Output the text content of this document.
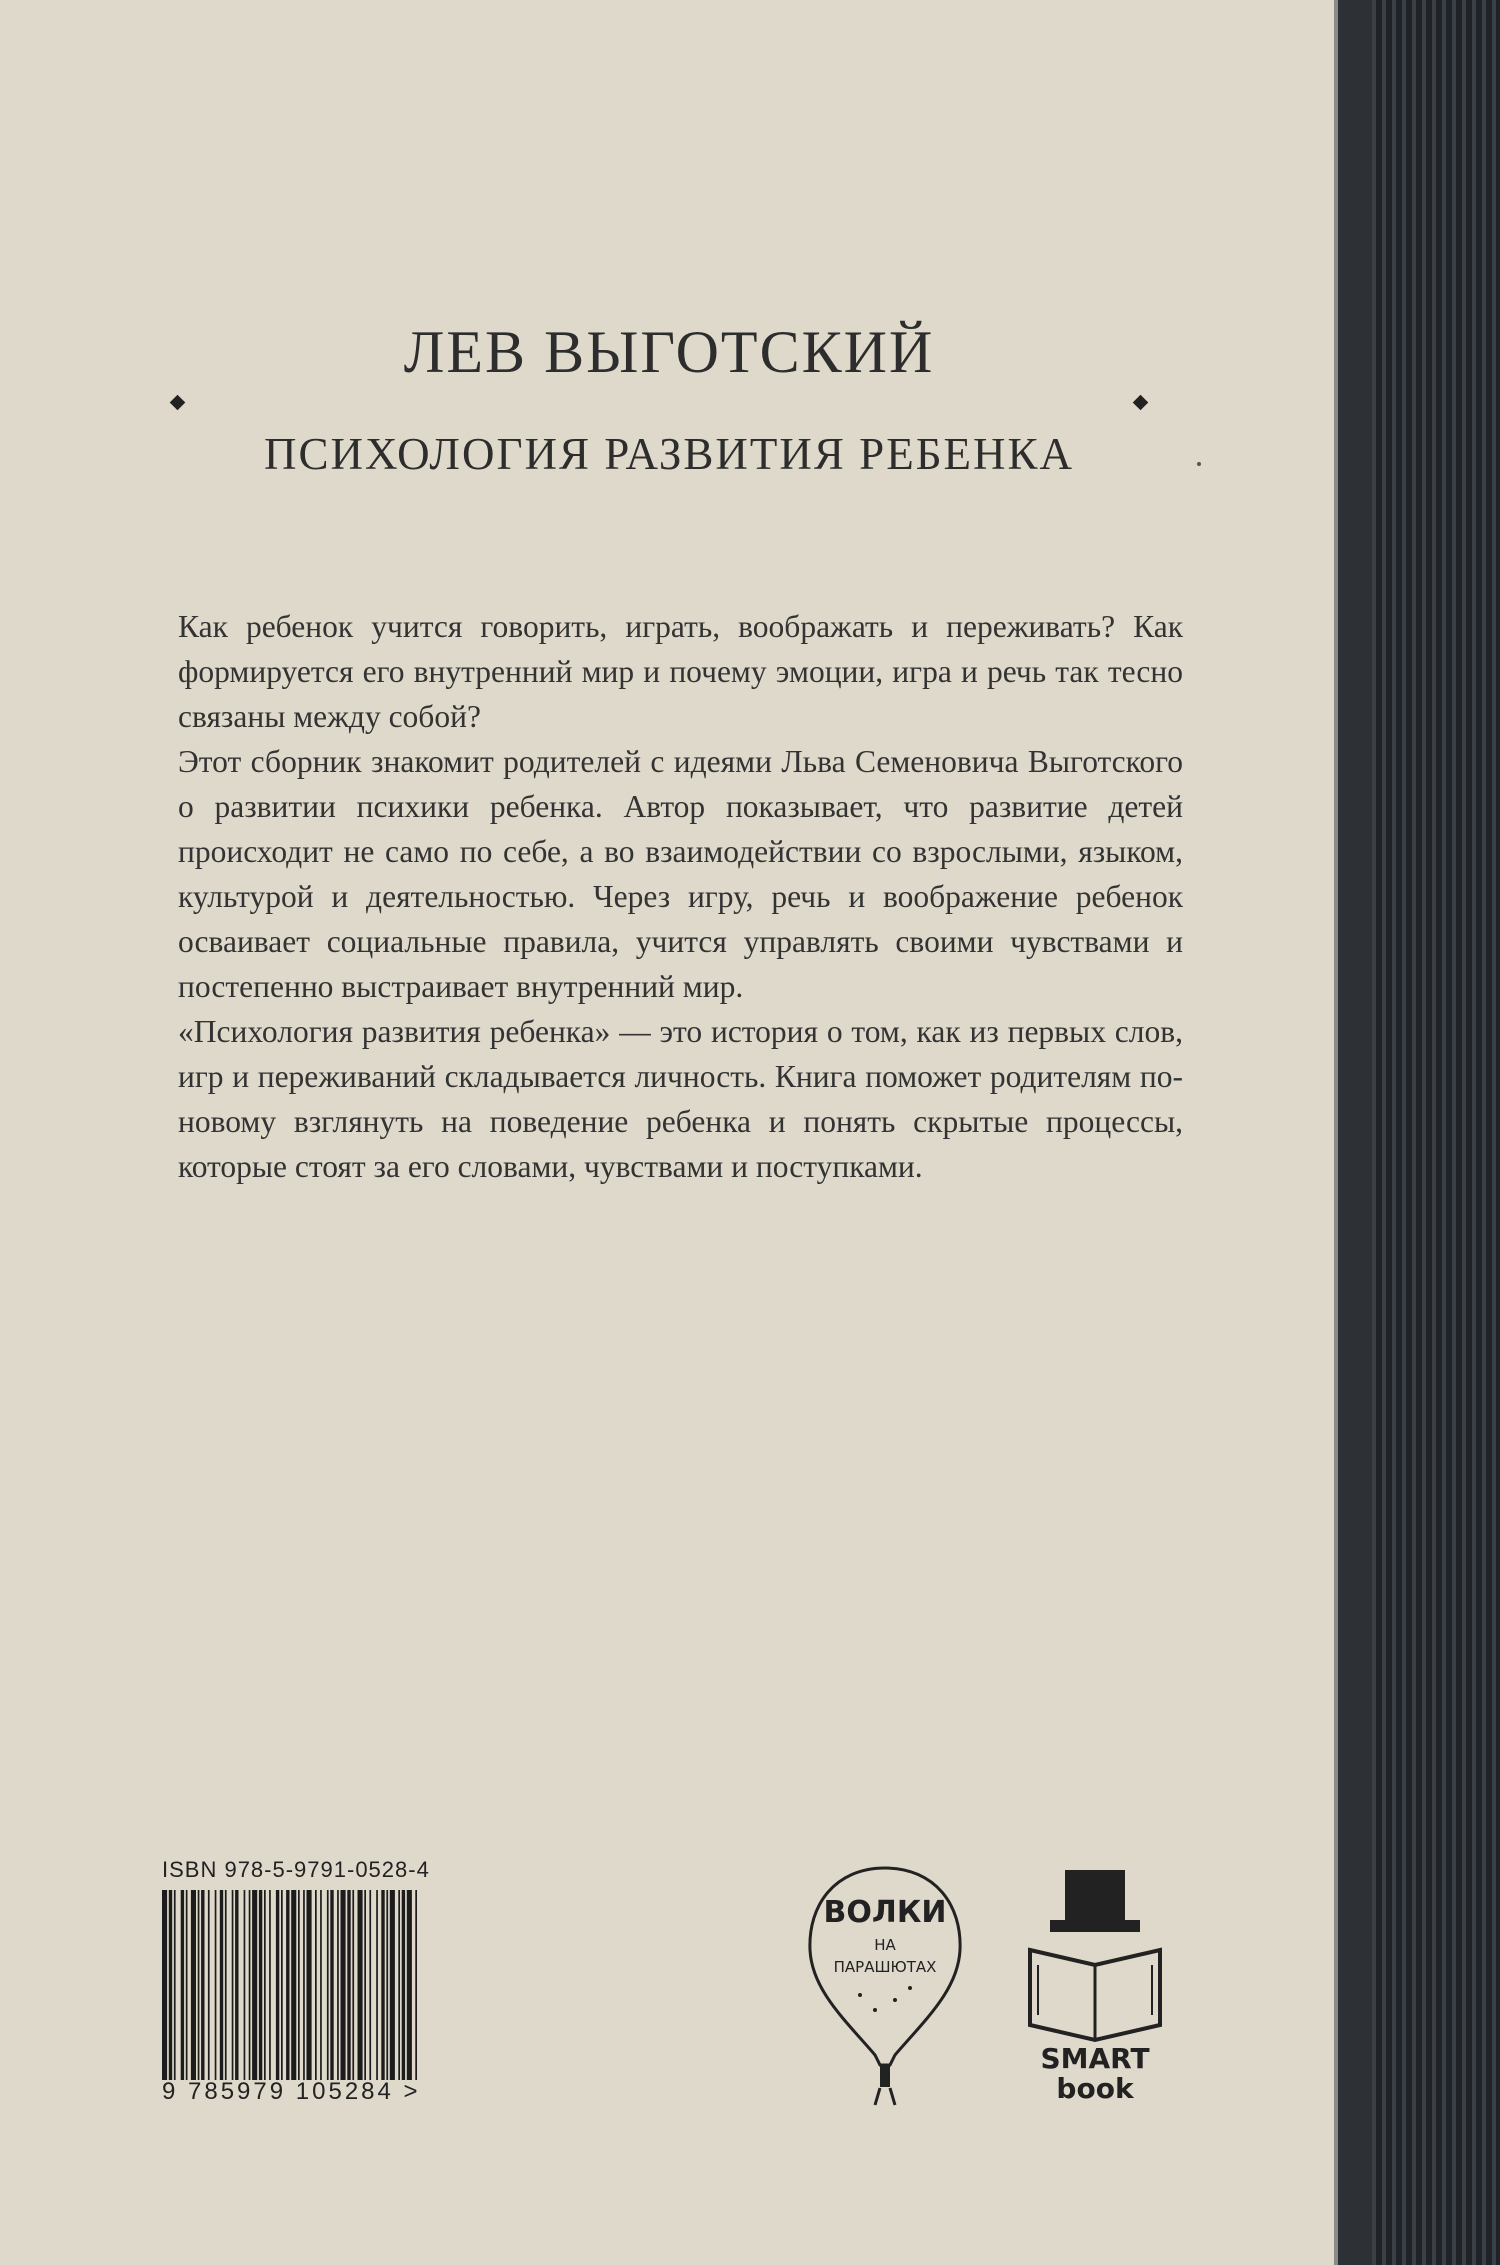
ЛЕВ ВЫГОТСКИЙ
ПСИХОЛОГИЯ РАЗВИТИЯ РЕБЕНКА

Как ребенок учится говорить, играть, воображать и переживать? Как формируется его внутренний мир и почему эмоции, игра и речь так тесно связаны между собой?

Этот сборник знакомит родителей с идеями Льва Семеновича Выготского о развитии психики ребенка. Автор показывает, что развитие детей происходит не само по себе, а во взаимодействии со взрослыми, языком, культурой и деятельностью. Через игру, речь и воображение ребенок осваивает социальные правила, учится управлять своими чувствами и постепенно выстраивает внутренний мир.

«Психология развития ребенка» — это история о том, как из первых слов, игр и переживаний складывается личность. Книга поможет родителям по-новому взглянуть на поведение ребенка и понять скрытые процессы, которые стоят за его словами, чувствами и поступками.

ISBN 978-5-9791-0528-4
9 785979 105284 >
ВОЛКИ
НА
ПАРАШЮТАХ
SMART
book
